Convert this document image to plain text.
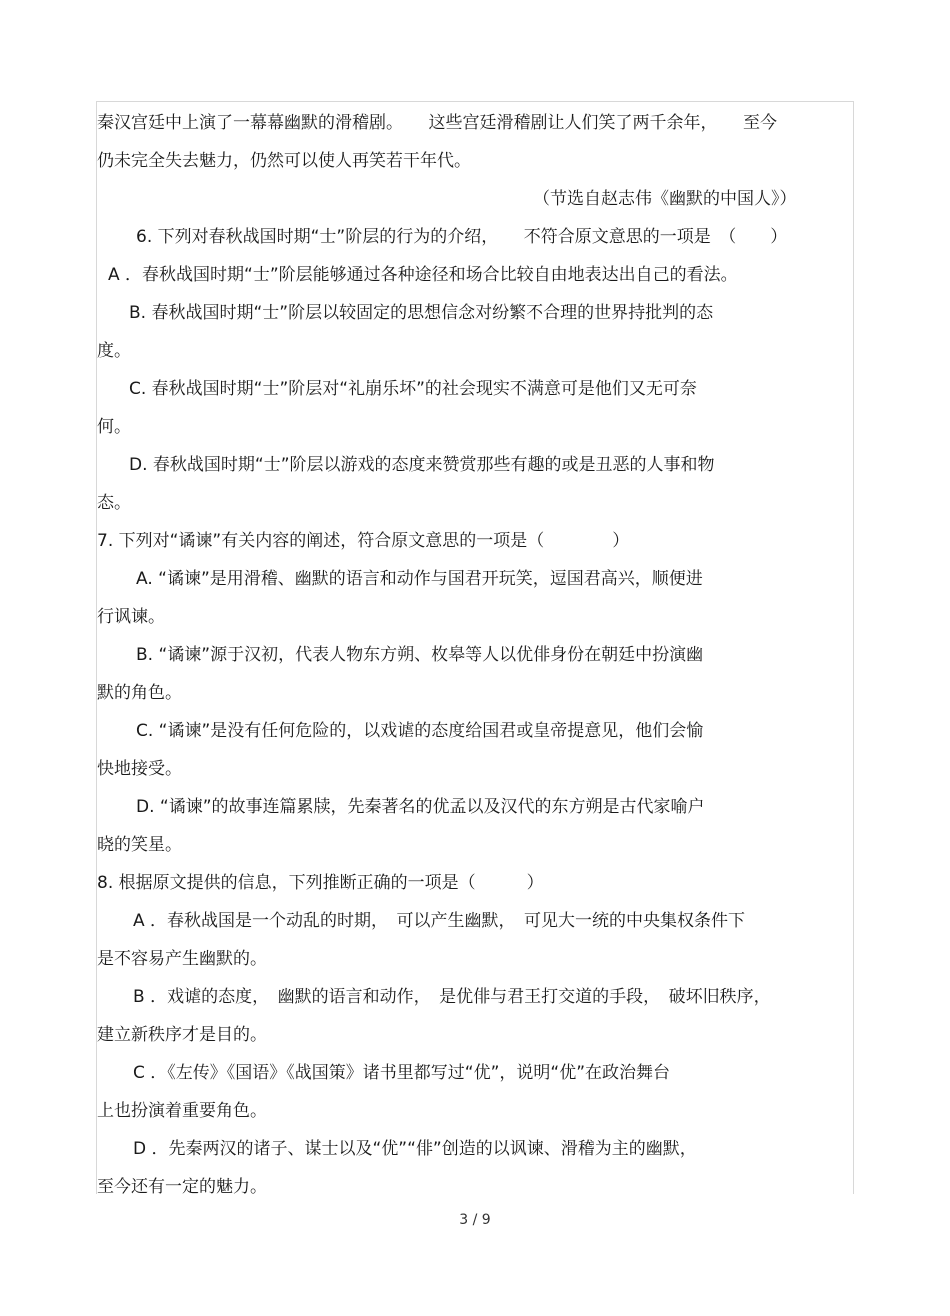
秦汉宫廷中上演了一幕幕幽默的滑稽剧。　　这些宫廷滑稽剧让人们笑了两千余年，　　至今
仍未完全失去魅力，仍然可以使人再笑若干年代。
（节选自赵志伟《幽默的中国人》）
6. 下列对春秋战国时期“士”阶层的行为的介绍，　　不符合原文意思的一项是　（　　）
A ．春秋战国时期“士”阶层能够通过各种途径和场合比较自由地表达出自己的看法。
B. 春秋战国时期“士”阶层以较固定的思想信念对纷繁不合理的世界持批判的态
度。
C. 春秋战国时期“士”阶层对“礼崩乐坏”的社会现实不满意可是他们又无可奈
何。
D. 春秋战国时期“士”阶层以游戏的态度来赞赏那些有趣的或是丑恶的人事和物
态。
7. 下列对“谲谏”有关内容的阐述，符合原文意思的一项是（　　　　）
A. “谲谏”是用滑稽、幽默的语言和动作与国君开玩笑，逗国君高兴，顺便进
行讽谏。
B. “谲谏”源于汉初，代表人物东方朔、枚皋等人以优俳身份在朝廷中扮演幽
默的角色。
C. “谲谏”是没有任何危险的，以戏谑的态度给国君或皇帝提意见，他们会愉
快地接受。
D. “谲谏”的故事连篇累牍，先秦著名的优孟以及汉代的东方朔是古代家喻户
晓的笑星。
8. 根据原文提供的信息，下列推断正确的一项是（　　　）
A ．春秋战国是一个动乱的时期，　可以产生幽默，　可见大一统的中央集权条件下
是不容易产生幽默的。
B ．戏谑的态度，　幽默的语言和动作，　是优俳与君王打交道的手段，　破坏旧秩序，
建立新秩序才是目的。
C ．《左传》《国语》《战国策》诸书里都写过“优”，说明“优”在政治舞台
上也扮演着重要角色。
D ．先秦两汉的诸子、谋士以及“优”“俳”创造的以讽谏、滑稽为主的幽默，
至今还有一定的魅力。
3 / 9
